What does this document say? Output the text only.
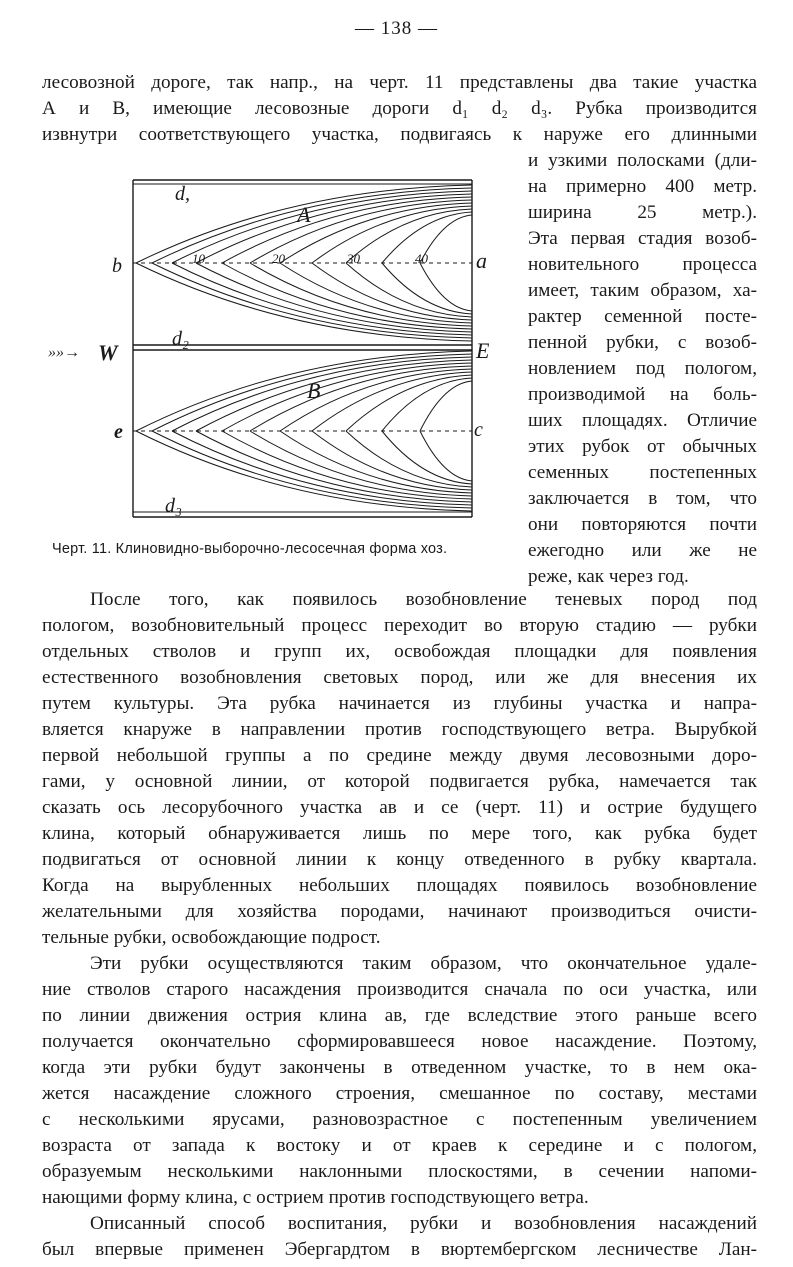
— 138 —
лесовозной дороге, так напр., на черт. 11 представлены два такие участка
А и В, имеющие лесовозные дороги d₁ d₂ d₃. Рубка производится
извнутри соответствующего участка, подвигаясь к наружe его длинными
и узкими полосками (дли-
на примерно 400 метр.
ширина 25 метр.).
Эта первая стадия возоб-
новительного процесса
имеет, таким образом, ха-
рактер семенной посте-
пенной рубки, с возоб-
новлением под пологом,
производимой на боль-
ших площадях. Отличие
этих рубок от обычных
семенных постепенных
заключается в том, что
они повторяются почти
ежегодно или же не
реже, как через год.
d,
d₂
d₃
A
B
W	E
»»→
b	a
e	c
10	20	30	40
Черт. 11. Клиновидно-выборочно-лесосечная форма хоз.
После того, как появилось возобновление теневых пород под
пологом, возобновительный процесс переходит во вторую стадию — рубки
отдельных стволов и групп их, освобождая площадки для появления
естественного возобновления световых пород, или же для внесения их
путем культуры. Эта рубка начинается из глубины участка и напра-
вляется кнаружe в направлении против господствующего ветра. Вырубкой
первой небольшой группы a по средине между двумя лесовозными доро-
гами, у основной линии, от которой подвигается рубка, намечается так
сказать ось лесорубочного участка ав и се (черт. 11) и острие будущего
клина, который обнаруживается лишь по мере того, как рубка будет
подвигаться от основной линии к концу отведенного в рубку квартала.
Когда на вырубленных небольших площадях появилось возобновление
желательными для хозяйства породами, начинают производиться очисти-
тельные рубки, освобождающие подрост.
Эти рубки осуществляются таким образом, что окончательное удале-
ние стволов старого насаждения производится сначала по оси участка, или
по линии движения острия клина ав, где вследствие этого раньше всего
получается окончательно сформировавшееся новое насаждение. Поэтому,
когда эти рубки будут закончены в отведенном участке, то в нем ока-
жется насаждение сложного строения, смешанное по составу, местами
с несколькими ярусами, разновозрастное с постепенным увеличением
возраста от запада к востоку и от краев к середине и с пологом,
образуемым несколькими наклонными плоскостями, в сечении напоми-
нающими форму клина, с острием против господствующего ветра.
Описанный способ воспитания, рубки и возобновления насаждений
был впервые применен Эбергардтом в вюртембергском лесничестве Лан-
